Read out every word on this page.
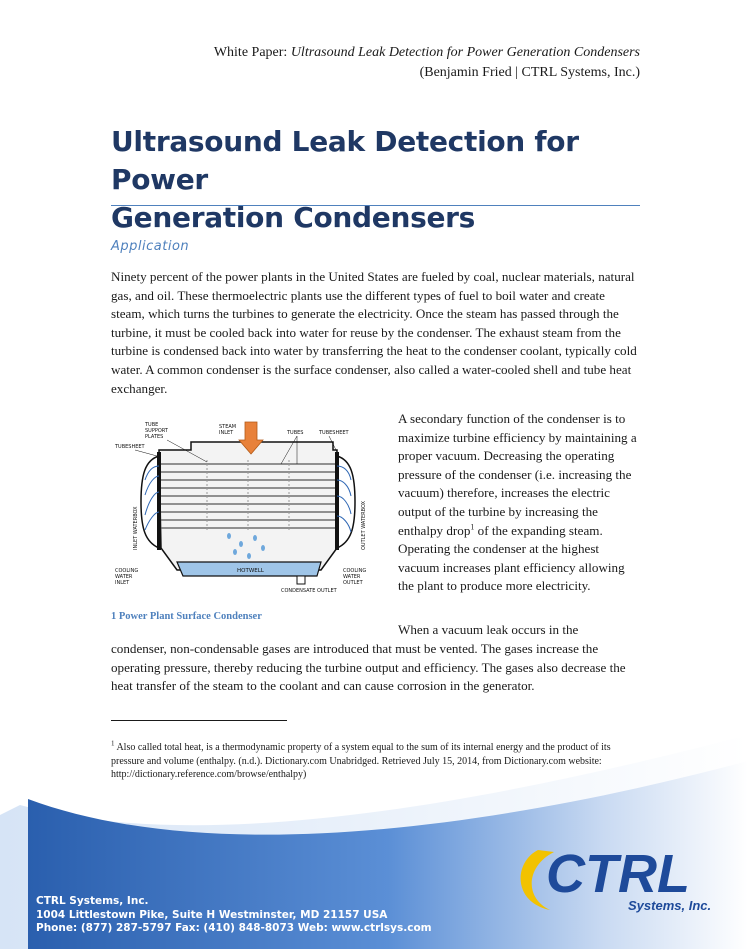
White Paper: Ultrasound Leak Detection for Power Generation Condensers
(Benjamin Fried | CTRL Systems, Inc.)
Ultrasound Leak Detection for Power
Generation Condensers
Application
Ninety percent of the power plants in the United States are fueled by coal, nuclear materials, natural gas, and oil. These thermoelectric plants use the different types of fuel to boil water and create steam, which turns the turbines to generate the electricity. Once the steam has passed through the turbine, it must be cooled back into water for reuse by the condenser. The exhaust steam from the turbine is condensed back into water by transferring the heat to the condenser coolant, typically cold water. A common condenser is the surface condenser, also called a water-cooled shell and tube heat exchanger.
HOTWELL
CONDENSATE OUTLET
TUBE
SUPPORT
PLATES
STEAM
INLET	TUBES	TUBESHEET
TUBESHEET
COOLING
WATER
INLET
COOLING
WATER
OUTLET
INLET WATERBOX	OUTLET WATERBOX
1 Power Plant Surface Condenser
A secondary function of the condenser is to maximize turbine efficiency by maintaining a proper vacuum. Decreasing the operating pressure of the condenser (i.e. increasing the vacuum) therefore, increases the electric output of the turbine by increasing the enthalpy drop$^1$ of the expanding steam. Operating the condenser at the highest vacuum increases plant efficiency allowing the plant to produce more electricity.
When a vacuum leak occurs in the
condenser, non-condensable gases are introduced that must be vented. The gases increase the operating pressure, thereby reducing the turbine output and efficiency. The gases also decrease the heat transfer of the steam to the coolant and can cause corrosion in the generator.
$^1$ Also called total heat, is a thermodynamic property of a system equal to the sum of its internal energy and the product of its pressure and volume (enthalpy. (n.d.). Dictionary.com Unabridged. Retrieved July 15, 2014, from Dictionary.com website: http://dictionary.reference.com/browse/enthalpy)
CTRL Systems, Inc.
1004 Littlestown Pike, Suite H Westminster, MD 21157 USA
Phone: (877) 287-5797 Fax: (410) 848-8073 Web: www.ctrlsys.com
CTRL
Systems, Inc.
